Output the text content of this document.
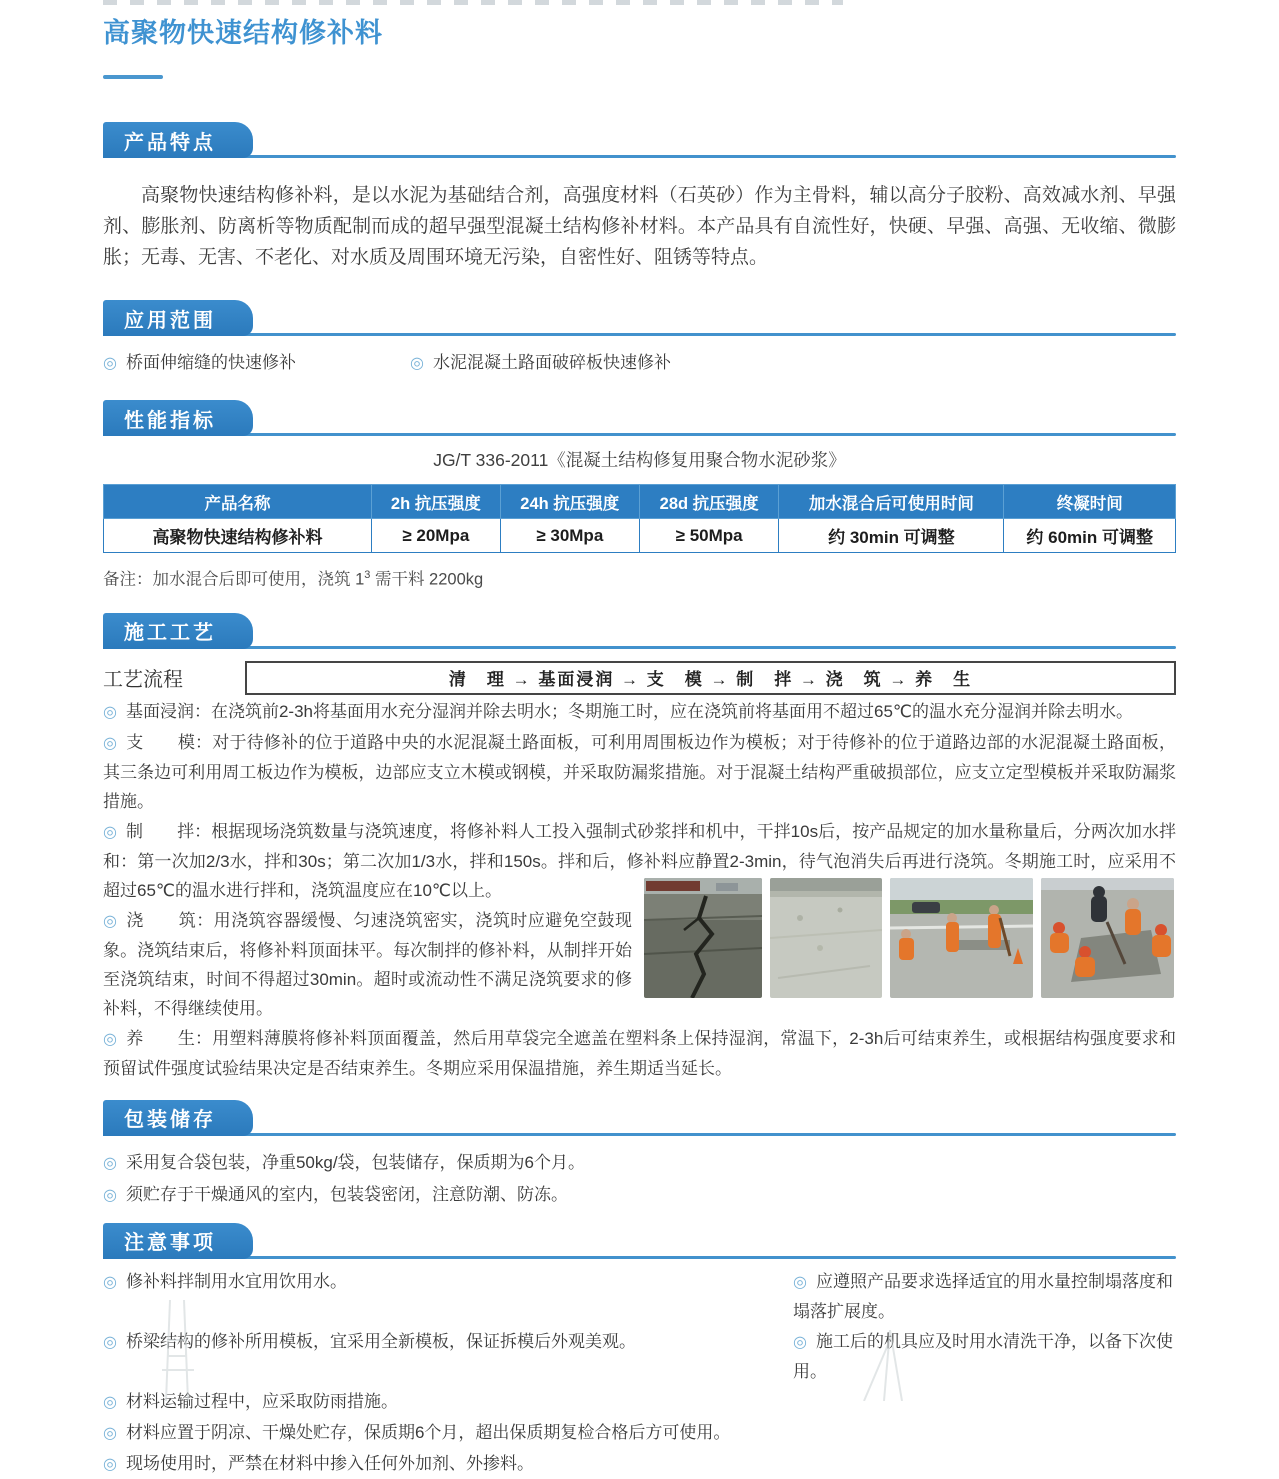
高聚物快速结构修补料
产品特点
高聚物快速结构修补料，是以水泥为基础结合剂，高强度材料（石英砂）作为主骨料，辅以高分子胶粉、高效减水剂、早强剂、膨胀剂、防离析等物质配制而成的超早强型混凝土结构修补材料。本产品具有自流性好，快硬、早强、高强、无收缩、微膨胀；无毒、无害、不老化、对水质及周围环境无污染，自密性好、阻锈等特点。
应用范围
◎ 桥面伸缩缝的快速修补	◎ 水泥混凝土路面破碎板快速修补
性能指标
JG/T 336-2011《混凝土结构修复用聚合物水泥砂浆》
产品名称	2h 抗压强度	24h 抗压强度	28d 抗压强度	加水混合后可使用时间	终凝时间
高聚物快速结构修补料	≥ 20Mpa	≥ 30Mpa	≥ 50Mpa	约 30min 可调整	约 60min 可调整
备注：加水混合后即可使用，浇筑 $1^3$ 需干料 2200kg
施工工艺
工艺流程	清　理 → 基面浸润 → 支　模 → 制　拌 → 浇　筑 → 养　生
◎ 基面浸润：在浇筑前2-3h将基面用水充分湿润并除去明水；冬期施工时，应在浇筑前将基面用不超过65℃的温水充分湿润并除去明水。
◎ 支　　模：对于待修补的位于道路中央的水泥混凝土路面板，可利用周围板边作为模板；对于待修补的位于道路边部的水泥混凝土路面板，其三条边可利用周工板边作为模板，边部应支立木模或钢模，并采取防漏浆措施。对于混凝土结构严重破损部位，应支立定型模板并采取防漏浆措施。
◎ 制　　拌：根据现场浇筑数量与浇筑速度，将修补料人工投入强制式砂浆拌和机中，干拌10s后，按产品规定的加水量称量后，分两次加水拌和：第一次加2/3水，拌和30s；第二次加1/3水，拌和150s。拌和后，修补料应静置2-3min，待气泡消失后再进行浇筑。冬期施工时，应采用不超过65℃的温水进行拌和，浇筑温度应在10℃以上。
◎ 浇　　筑：用浇筑容器缓慢、匀速浇筑密实，浇筑时应避免空鼓现象。浇筑结束后，将修补料顶面抹平。每次制拌的修补料，从制拌开始至浇筑结束，时间不得超过30min。超时或流动性不满足浇筑要求的修补料，不得继续使用。
◎ 养　　生：用塑料薄膜将修补料顶面覆盖，然后用草袋完全遮盖在塑料条上保持湿润，常温下，2-3h后可结束养生，或根据结构强度要求和预留试件强度试验结果决定是否结束养生。冬期应采用保温措施，养生期适当延长。
包装储存
◎ 采用复合袋包装，净重50kg/袋，包装储存，保质期为6个月。
◎ 须贮存于干燥通风的室内，包装袋密闭，注意防潮、防冻。
注意事项
◎ 修补料拌制用水宜用饮用水。	◎ 应遵照产品要求选择适宜的用水量控制塌落度和塌落扩展度。
◎ 桥梁结构的修补所用模板，宜采用全新模板，保证拆模后外观美观。	◎ 施工后的机具应及时用水清洗干净，以备下次使用。
◎ 材料运输过程中，应采取防雨措施。
◎ 材料应置于阴凉、干燥处贮存，保质期6个月，超出保质期复检合格后方可使用。
◎ 现场使用时，严禁在材料中掺入任何外加剂、外掺料。
